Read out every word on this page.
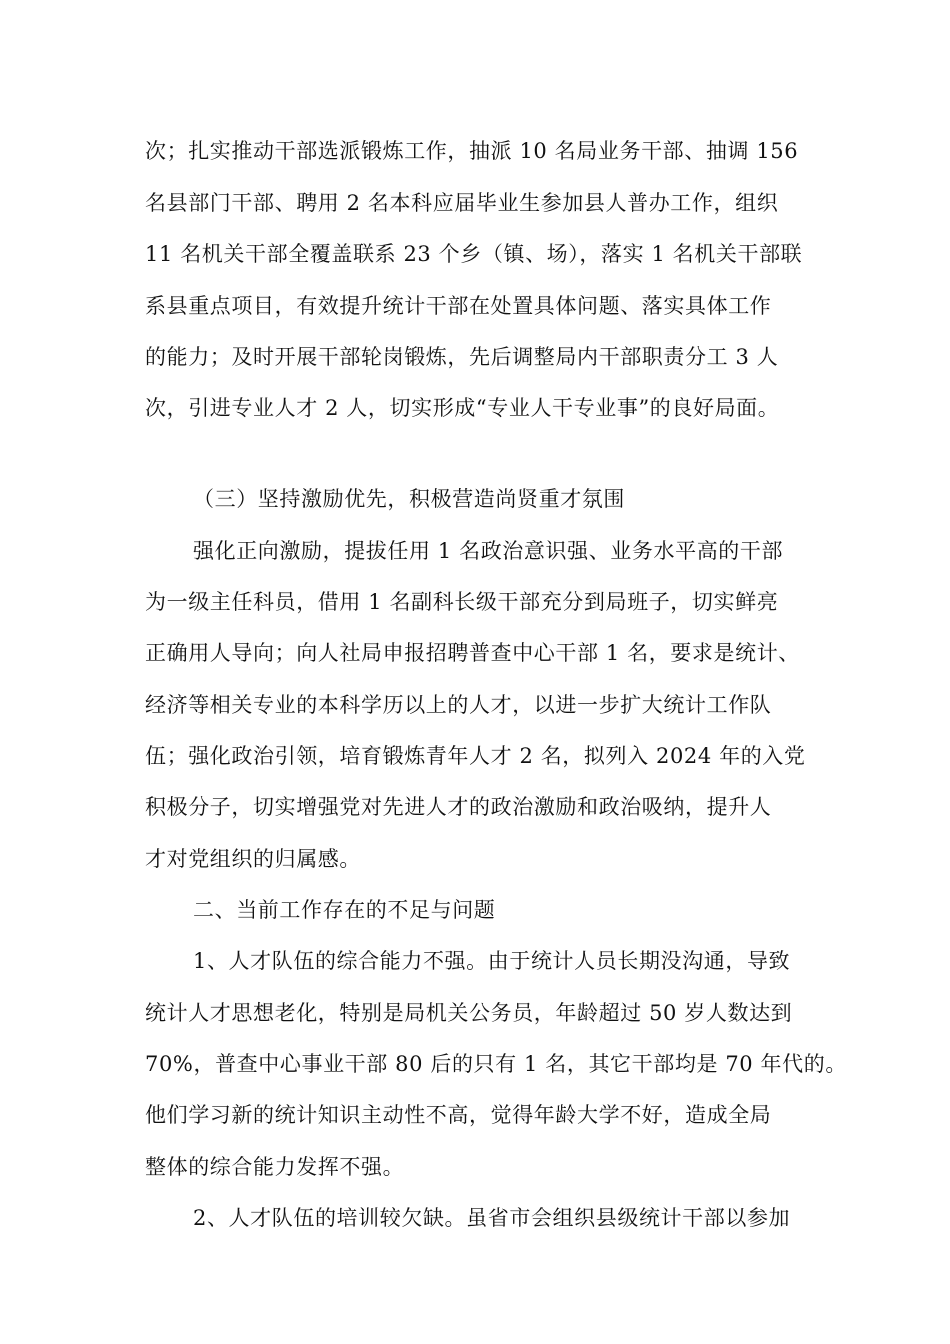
次；扎实推动干部选派锻炼工作，抽派 10 名局业务干部、抽调 156
名县部门干部、聘用 2 名本科应届毕业生参加县人普办工作，组织
11 名机关干部全覆盖联系 23 个乡（镇、场），落实 1 名机关干部联
系县重点项目，有效提升统计干部在处置具体问题、落实具体工作
的能力；及时开展干部轮岗锻炼，先后调整局内干部职责分工 3 人
次，引进专业人才 2 人，切实形成“专业人干专业事”的良好局面。
（三）坚持激励优先，积极营造尚贤重才氛围
强化正向激励，提拔任用 1 名政治意识强、业务水平高的干部
为一级主任科员，借用 1 名副科长级干部充分到局班子，切实鲜亮
正确用人导向；向人社局申报招聘普查中心干部 1 名，要求是统计、
经济等相关专业的本科学历以上的人才，以进一步扩大统计工作队
伍；强化政治引领，培育锻炼青年人才 2 名，拟列入 2024 年的入党
积极分子，切实增强党对先进人才的政治激励和政治吸纳，提升人
才对党组织的归属感。
二、当前工作存在的不足与问题
1、人才队伍的综合能力不强。由于统计人员长期没沟通，导致
统计人才思想老化，特别是局机关公务员，年龄超过 50 岁人数达到
70%，普查中心事业干部 80 后的只有 1 名，其它干部均是 70 年代的。
他们学习新的统计知识主动性不高，觉得年龄大学不好，造成全局
整体的综合能力发挥不强。
2、人才队伍的培训较欠缺。虽省市会组织县级统计干部以参加
